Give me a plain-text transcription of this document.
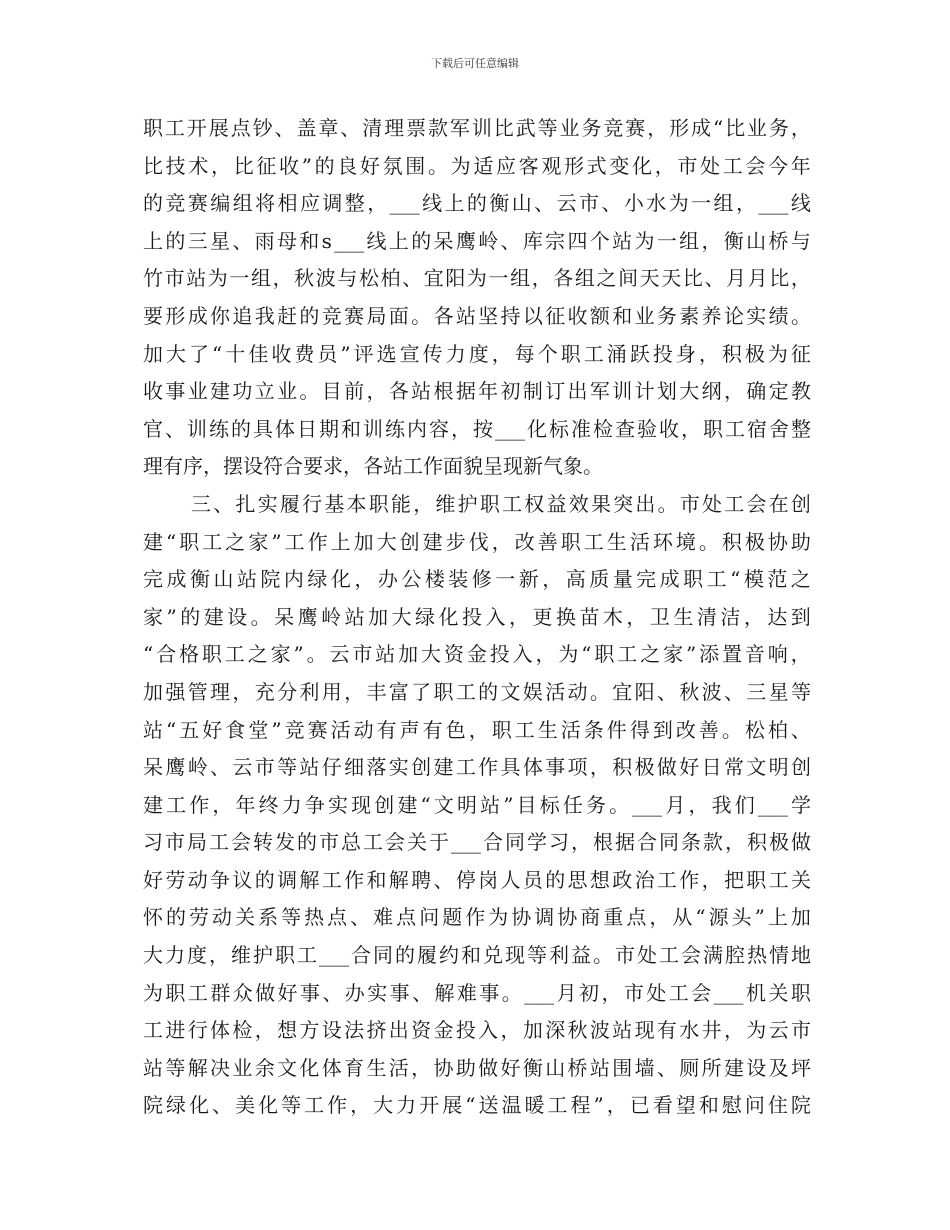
下载后可任意编辑
职 工 开 展 点 钞 、 盖 章 、 清 理 票 款 军 训 比 武 等 业 务 竞 赛 ， 形 成 “ 比 业 务 ，
比 技 术 ， 比 征 收 ” 的 良 好 氛 围 。 为 适 应 客 观 形 式 变 化 ， 市 处 工 会 今 年
的 竞 赛 编 组 将 相 应 调 整 ， ___ 线 上 的 衡 山 、 云 市 、 小 水 为 一 组 ， ___ 线
上 的 三 星 、 雨 母 和 s ___ 线 上 的 呆 鹰 岭 、 库 宗 四 个 站 为 一 组 ， 衡 山 桥 与
竹 市 站 为 一 组 ， 秋 波 与 松 柏 、 宜 阳 为 一 组 ， 各 组 之 间 天 天 比 、 月 月 比 ，
要 形 成 你 追 我 赶 的 竞 赛 局 面 。 各 站 坚 持 以 征 收 额 和 业 务 素 养 论 实 绩 。
加 大 了 “ 十 佳 收 费 员 ” 评 选 宣 传 力 度 ， 每 个 职 工 涌 跃 投 身 ， 积 极 为 征
收 事 业 建 功 立 业 。 目 前 ， 各 站 根 据 年 初 制 订 出 军 训 计 划 大 纲 ， 确 定 教
官 、 训 练 的 具 体 日 期 和 训 练 内 容 ， 按 ___ 化 标 准 检 查 验 收 ， 职 工 宿 舍 整
理 有 序 ， 摆 设 符 合 要 求 ， 各 站 工 作 面 貌 呈 现 新 气 象 。
三 、 扎 实 履 行 基 本 职 能 ， 维 护 职 工 权 益 效 果 突 出 。 市 处 工 会 在 创
建 “ 职 工 之 家 ” 工 作 上 加 大 创 建 步 伐 ， 改 善 职 工 生 活 环 境 。 积 极 协 助
完 成 衡 山 站 院 内 绿 化 ， 办 公 楼 装 修 一 新 ， 高 质 量 完 成 职 工 “ 模 范 之
家 ” 的 建 设 。 呆 鹰 岭 站 加 大 绿 化 投 入 ， 更 换 苗 木 ， 卫 生 清 洁 ， 达 到
“ 合 格 职 工 之 家 ” 。 云 市 站 加 大 资 金 投 入 ， 为 “ 职 工 之 家 ” 添 置 音 响 ，
加 强 管 理 ， 充 分 利 用 ， 丰 富 了 职 工 的 文 娱 活 动 。 宜 阳 、 秋 波 、 三 星 等
站 “ 五 好 食 堂 ” 竞 赛 活 动 有 声 有 色 ， 职 工 生 活 条 件 得 到 改 善 。 松 柏 、
呆 鹰 岭 、 云 市 等 站 仔 细 落 实 创 建 工 作 具 体 事 项 ， 积 极 做 好 日 常 文 明 创
建 工 作 ， 年 终 力 争 实 现 创 建 “ 文 明 站 ” 目 标 任 务 。 ___ 月 ， 我 们 ___ 学
习 市 局 工 会 转 发 的 市 总 工 会 关 于 ___ 合 同 学 习 ， 根 据 合 同 条 款 ， 积 极 做
好 劳 动 争 议 的 调 解 工 作 和 解 聘 、 停 岗 人 员 的 思 想 政 治 工 作 ， 把 职 工 关
怀 的 劳 动 关 系 等 热 点 、 难 点 问 题 作 为 协 调 协 商 重 点 ， 从 “ 源 头 ” 上 加
大 力 度 ， 维 护 职 工 ___ 合 同 的 履 约 和 兑 现 等 利 益 。 市 处 工 会 满 腔 热 情 地
为 职 工 群 众 做 好 事 、 办 实 事 、 解 难 事 。 ___ 月 初 ， 市 处 工 会 ___ 机 关 职
工 进 行 体 检 ， 想 方 设 法 挤 出 资 金 投 入 ， 加 深 秋 波 站 现 有 水 井 ， 为 云 市
站 等 解 决 业 余 文 化 体 育 生 活 ， 协 助 做 好 衡 山 桥 站 围 墙 、 厕 所 建 设 及 坪
院 绿 化 、 美 化 等 工 作 ， 大 力 开 展 “ 送 温 暖 工 程 ” ， 已 看 望 和 慰 问 住 院
